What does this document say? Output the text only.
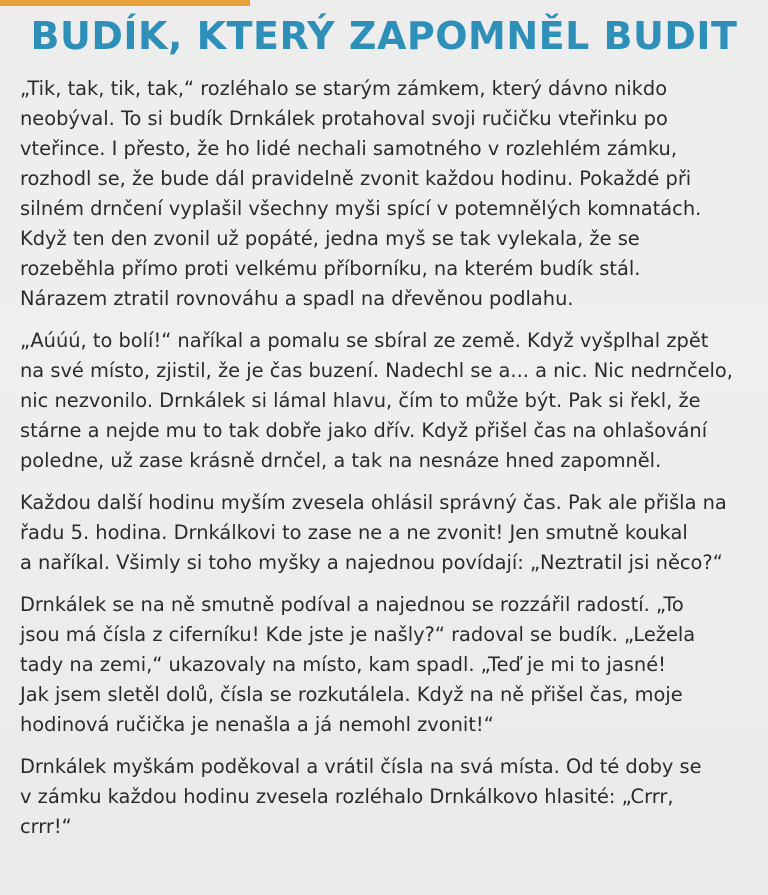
BUDÍK, KTERÝ ZAPOMNĚL BUDIT

„Tik, tak, tik, tak,“ rozléhalo se starým zámkem, který dávno nikdo
neobýval. To si budík Drnkálek protahoval svoji ručičku vteřinku po
vteřince. I přesto, že ho lidé nechali samotného v rozlehlém zámku,
rozhodl se, že bude dál pravidelně zvonit každou hodinu. Pokaždé při
silném drnčení vyplašil všechny myši spící v potemnělých komnatách.
Když ten den zvonil už popáté, jedna myš se tak vylekala, že se
rozeběhla přímo proti velkému příborníku, na kterém budík stál.
Nárazem ztratil rovnováhu a spadl na dřevěnou podlahu.

„Aúúú, to bolí!“ naříkal a pomalu se sbíral ze země. Když vyšplhal zpět
na své místo, zjistil, že je čas buzení. Nadechl se a... a nic. Nic nedrnčelo,
nic nezvonilo. Drnkálek si lámal hlavu, čím to může být. Pak si řekl, že
stárne a nejde mu to tak dobře jako dřív. Když přišel čas na ohlašování
poledne, už zase krásně drnčel, a tak na nesnáze hned zapomněl.

Každou další hodinu myším zvesela ohlásil správný čas. Pak ale přišla na
řadu 5. hodina. Drnkálkovi to zase ne a ne zvonit! Jen smutně koukal
a naříkal. Všimly si toho myšky a najednou povídají: „Neztratil jsi něco?“

Drnkálek se na ně smutně podíval a najednou se rozzářil radostí. „To
jsou má čísla z ciferníku! Kde jste je našly?“ radoval se budík. „Ležela
tady na zemi,“ ukazovaly na místo, kam spadl. „Teď je mi to jasné!
Jak jsem sletěl dolů, čísla se rozkutálela. Když na ně přišel čas, moje
hodinová ručička je nenašla a já nemohl zvonit!“

Drnkálek myškám poděkoval a vrátil čísla na svá místa. Od té doby se
v zámku každou hodinu zvesela rozléhalo Drnkálkovo hlasité: „Crrr,
crrr!“
